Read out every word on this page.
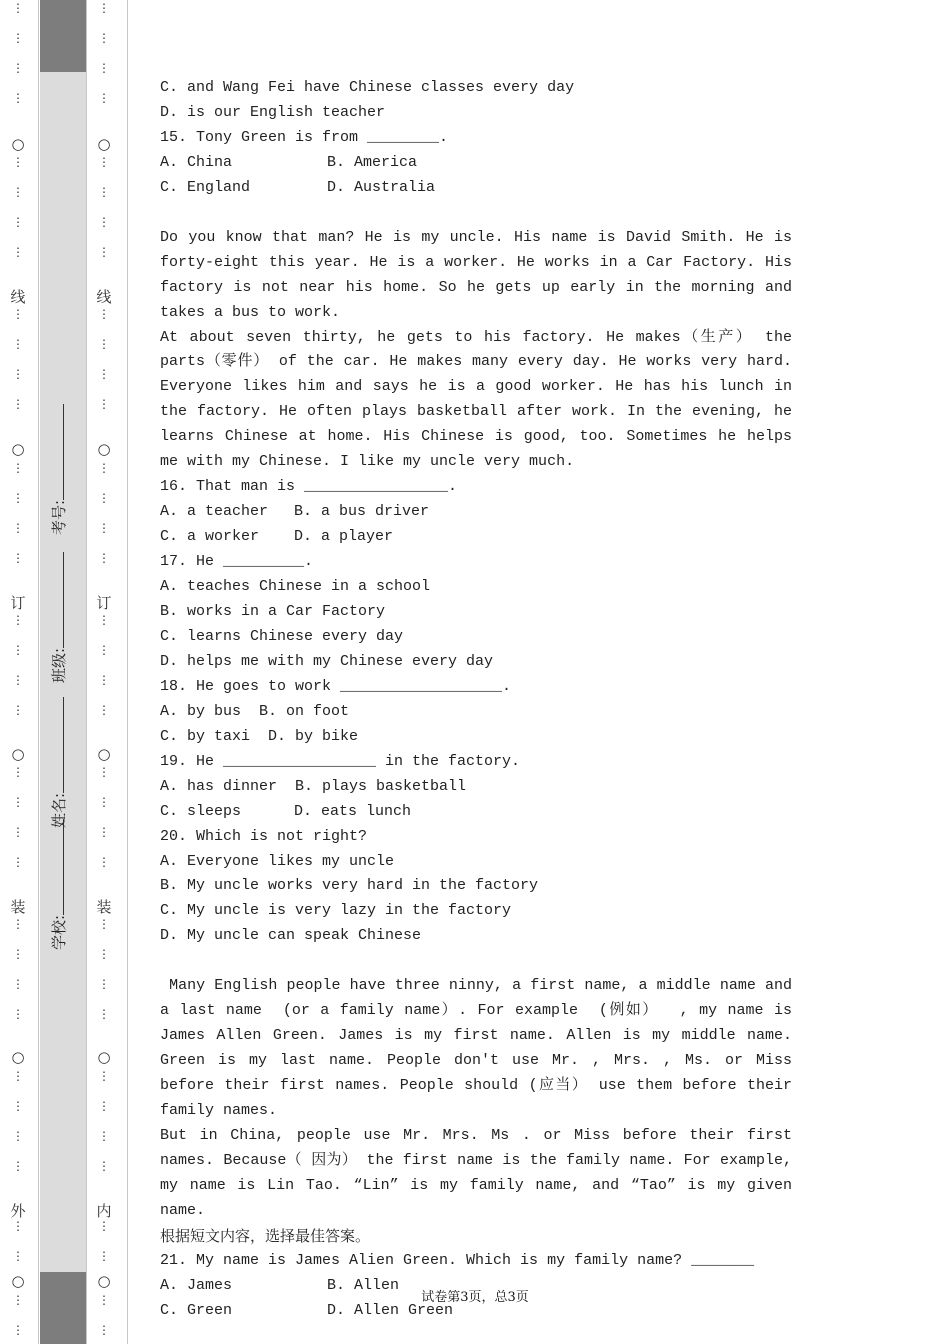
学校:
姓名:
班级:
考号:

C. and Wang Fei have Chinese classes every day

D. is our English teacher

15. Tony Green is from ________.

A. China	B. America

C. England	D. Australia

Do you know that man? He is my uncle. His name is David Smith. He is forty-eight this year. He is a worker. He works in a Car Factory. His factory is not near his home. So he gets up early in the morning and takes a bus to work.

At about seven thirty, he gets to his factory. He makes（生产） the parts（零件） of the car. He makes many every day. He works very hard. Everyone likes him and says he is a good worker. He has his lunch in the factory. He often plays basketball after work. In the evening, he learns Chinese at home. His Chinese is good, too. Sometimes he helps me with my Chinese. I like my uncle very much.

16. That man is ________________.

A. a teacher B. a bus driver

C. a worker D. a player

17. He _________.

A. teaches Chinese in a school

B. works in a Car Factory

C. learns Chinese every day

D. helps me with my Chinese every day

18. He goes to work __________________.

A. by bus  B. on foot

C. by taxi  D. by bike

19. He _________________ in the factory.

A. has dinner  B. plays basketball

C. sleeps	D. eats lunch

20. Which is not right?

A. Everyone likes my uncle

B. My uncle works very hard in the factory

C. My uncle is very lazy in the factory

D. My uncle can speak Chinese

Many English people have three ninny, a first name, a middle name and a last name  (or a family name）. For example  (例如）  , my name is James Allen Green. James is my first name. Allen is my middle name. Green is my last name. People don't use Mr. , Mrs. , Ms. or Miss before their first names. People should (应当） use them before their family names.

But in China, people use Mr. Mrs. Ms . or Miss before their first names. Because（ 因为） the first name is the family name. For example, my name is Lin Tao. “Lin” is my family name, and “Tao” is my given name.

根据短文内容，选择最佳答案。

21. My name is James Alien Green. Which is my family name? _______

A. James	B. Allen

C. Green	D. Allen Green

试卷第3页，总3页
○
线
○
订
○
装
○
外
○
⋮
⋮
⋮
⋮
⋮
⋮
⋮
⋮
⋮
⋮
⋮
⋮
⋮
⋮
⋮
⋮
⋮
⋮
⋮
⋮
⋮
⋮
⋮
⋮
⋮
⋮
⋮
⋮
⋮
⋮
⋮
⋮
⋮
⋮
⋮
⋮
○
线
○
订
○
装
○
内
○
⋮
⋮
⋮
⋮
⋮
⋮
⋮
⋮
⋮
⋮
⋮
⋮
⋮
⋮
⋮
⋮
⋮
⋮
⋮
⋮
⋮
⋮
⋮
⋮
⋮
⋮
⋮
⋮
⋮
⋮
⋮
⋮
⋮
⋮
⋮
⋮
